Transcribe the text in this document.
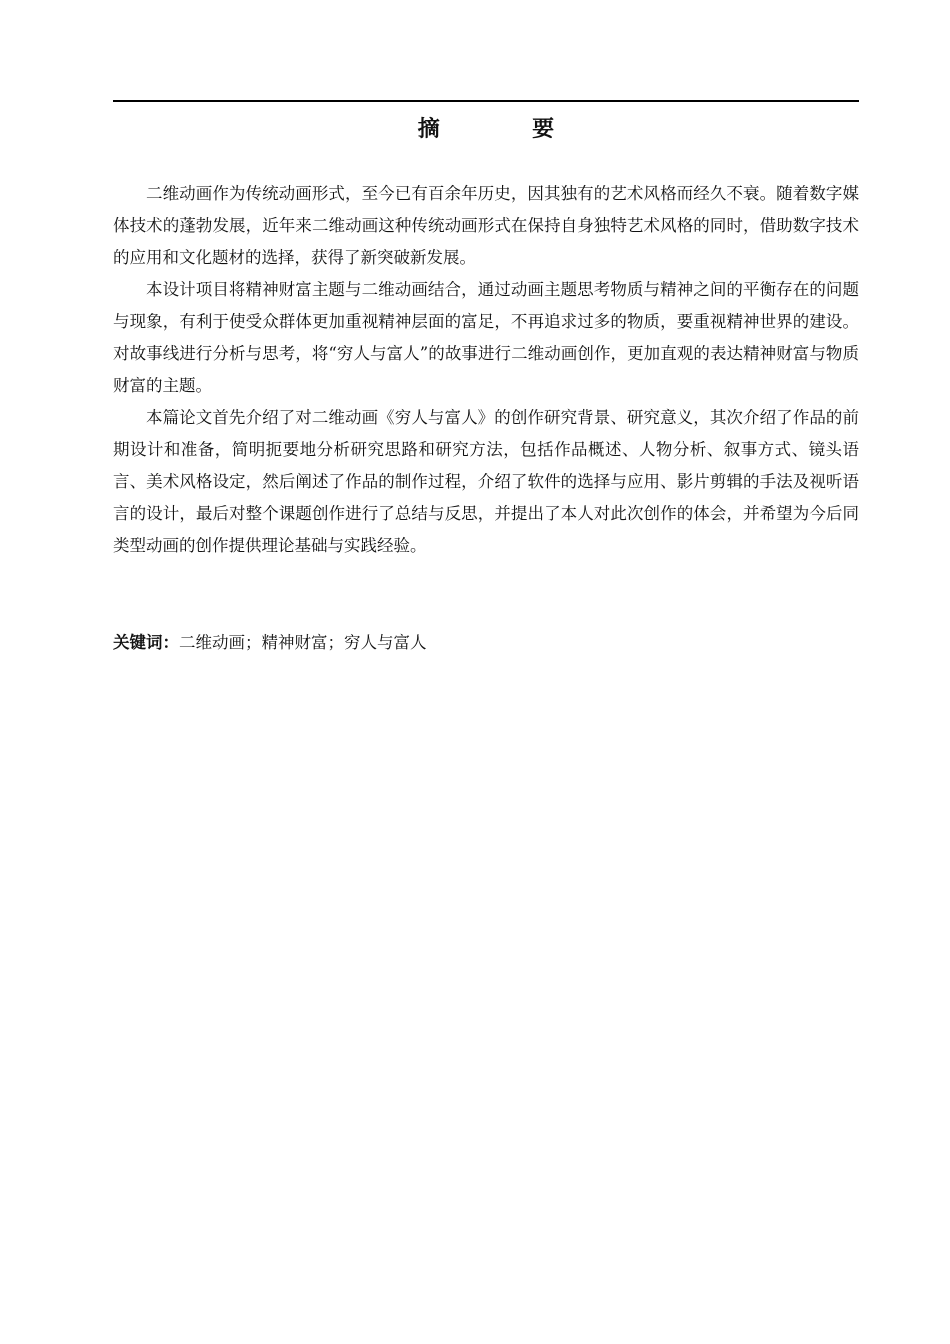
摘　要

二维动画作为传统动画形式，至今已有百余年历史，因其独有的艺术风格而经久不衰。随着数字媒体技术的蓬勃发展，近年来二维动画这种传统动画形式在保持自身独特艺术风格的同时，借助数字技术的应用和文化题材的选择，获得了新突破新发展。

本设计项目将精神财富主题与二维动画结合，通过动画主题思考物质与精神之间的平衡存在的问题与现象，有利于使受众群体更加重视精神层面的富足，不再追求过多的物质，要重视精神世界的建设。对故事线进行分析与思考，将“穷人与富人”的故事进行二维动画创作，更加直观的表达精神财富与物质财富的主题。

本篇论文首先介绍了对二维动画《穷人与富人》的创作研究背景、研究意义，其次介绍了作品的前期设计和准备，简明扼要地分析研究思路和研究方法，包括作品概述、人物分析、叙事方式、镜头语言、美术风格设定，然后阐述了作品的制作过程，介绍了软件的选择与应用、影片剪辑的手法及视听语言的设计，最后对整个课题创作进行了总结与反思，并提出了本人对此次创作的体会，并希望为今后同类型动画的创作提供理论基础与实践经验。

关键词：二维动画；精神财富；穷人与富人
